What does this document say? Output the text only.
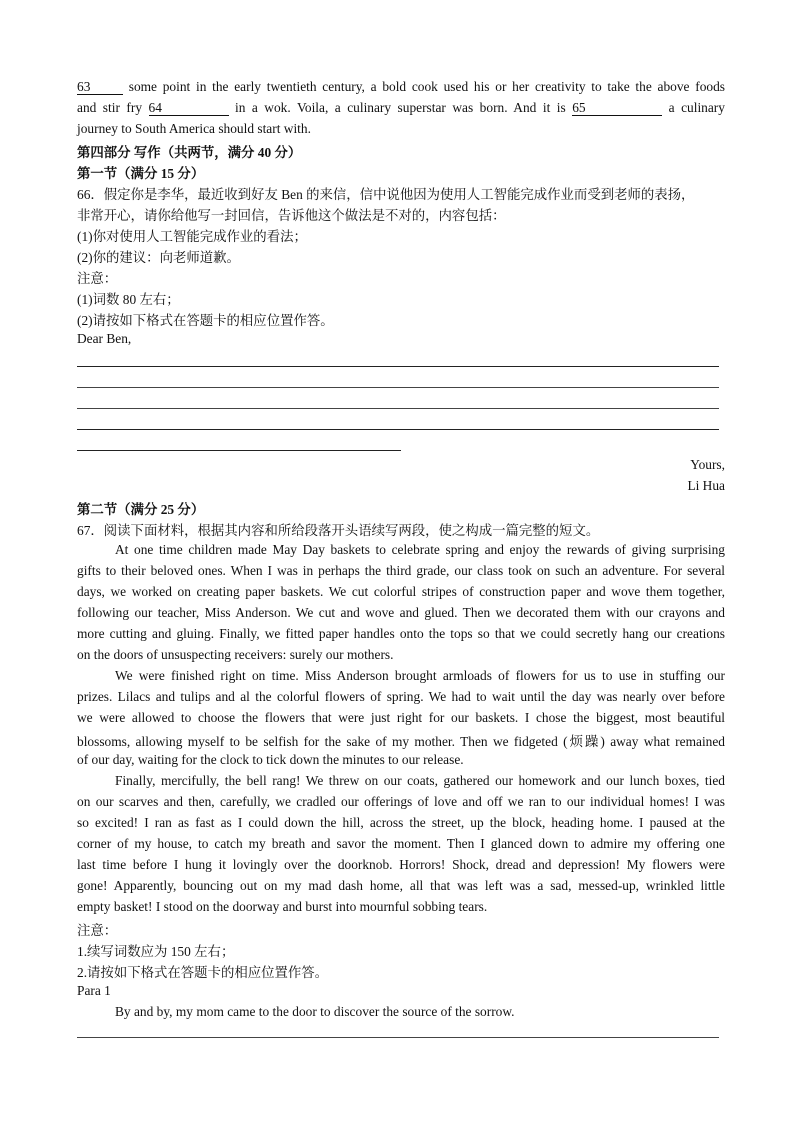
63	some point in the early twentieth century, a bold cook used his or her creativity to take the above foods
and stir fry 64	in a wok. Voila, a culinary superstar was born. And it is 65	a culinary
journey to South America should start with.
第四部分 写作（共两节，满分 40 分）
第一节（满分 15 分）
66．假定你是李华，最近收到好友 Ben 的来信，信中说他因为使用人工智能完成作业而受到老师的表扬，
非常开心，请你给他写一封回信，告诉他这个做法是不对的，内容包括：
(1)你对使用人工智能完成作业的看法；
(2)你的建议：向老师道歉。
注意：
(1)词数 80 左右；
(2)请按如下格式在答题卡的相应位置作答。
Dear Ben,
Yours,
Li Hua
第二节（满分 25 分）
67．阅读下面材料，根据其内容和所给段落开头语续写两段，使之构成一篇完整的短文。
At one time children made May Day baskets to celebrate spring and enjoy the rewards of giving surprising
gifts to their beloved ones. When I was in perhaps the third grade, our class took on such an adventure. For several
days, we worked on creating paper baskets. We cut colorful stripes of construction paper and wove them together,
following our teacher, Miss Anderson. We cut and wove and glued. Then we decorated them with our crayons and
more cutting and gluing. Finally, we fitted paper handles onto the tops so that we could secretly hang our creations
on the doors of unsuspecting receivers: surely our mothers.
We were finished right on time. Miss Anderson brought armloads of flowers for us to use in stuffing our
prizes. Lilacs and tulips and al the colorful flowers of spring. We had to wait until the day was nearly over before
we were allowed to choose the flowers that were just right for our baskets. I chose the biggest, most beautiful
blossoms, allowing myself to be selfish for the sake of my mother. Then we fidgeted (烦躁) away what remained
of our day, waiting for the clock to tick down the minutes to our release.
Finally, mercifully, the bell rang! We threw on our coats, gathered our homework and our lunch boxes, tied
on our scarves and then, carefully, we cradled our offerings of love and off we ran to our individual homes! I was
so excited! I ran as fast as I could down the hill, across the street, up the block, heading home. I paused at the
corner of my house, to catch my breath and savor the moment. Then I glanced down to admire my offering one
last time before I hung it lovingly over the doorknob. Horrors! Shock, dread and depression! My flowers were
gone! Apparently, bouncing out on my mad dash home, all that was left was a sad, messed-up, wrinkled little
empty basket! I stood on the doorway and burst into mournful sobbing tears.
注意：
1.续写词数应为 150 左右；
2.请按如下格式在答题卡的相应位置作答。
Para 1
By and by, my mom came to the door to discover the source of the sorrow.
